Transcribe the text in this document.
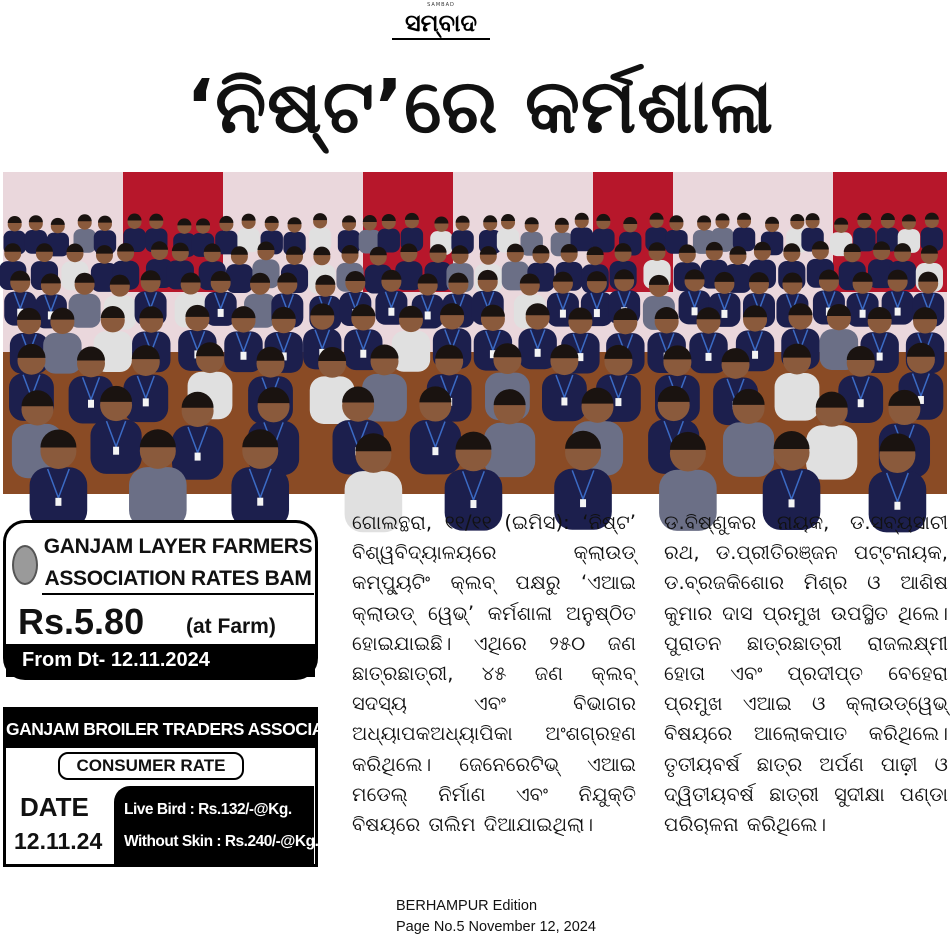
SAMBAD
ସମ୍ବାଦ
‘ନିଷ୍ଟ’ରେ କର୍ମଶାଳା
GANJAM LAYER FARMERS
ASSOCIATION RATES BAM
Rs.5.80 (at Farm)
From Dt- 12.11.2024
GANJAM BROILER TRADERS ASSOCIATION
CONSUMER RATE
DATE
12.11.24
Live Bird : Rs.132/-@Kg.
Without Skin : Rs.240/-@Kg.
ଗୋଲନ୍ଥରା, ୧୧/୧୧ (ଇମିସ): ‘ନିଷ୍ଟ’ ବିଶ୍ୱବିଦ୍ୟାଳୟରେ କ୍ଲାଉଡ୍ କମ୍ପ୍ୟୁଟିଂ କ୍ଲବ୍ ପକ୍ଷରୁ ‘ଏଆଇ କ୍ଲାଉଡ୍ ୱେଭ୍’ କର୍ମଶାଳା ଅନୁଷ୍ଠିତ ହୋଇଯାଇଛି। ଏଥିରେ ୨୫୦ ଜଣ ଛାତ୍ରଛାତ୍ରୀ, ୪୫ ଜଣ କ୍ଲବ୍ ସଦସ୍ୟ ଏବଂ ବିଭାଗର ଅଧ୍ୟାପକଅଧ୍ୟାପିକା ଅଂଶଗ୍ରହଣ କରିଥିଲେ। ଜେନେରେଟିଭ୍ ଏଆଇ ମଡେଲ୍ ନିର୍ମାଣ ଏବଂ ନିଯୁକ୍ତି ବିଷୟରେ ତାଲିମ ଦିଆଯାଇଥିଲା।
ଡ.ବିଷ୍ଣୁକର ନାୟକ, ଡ.ସବ୍ୟସାଚୀ ରଥ, ଡ.ପ୍ରୀତିରଞ୍ଜନ ପଟ୍ଟନାୟକ, ଡ.ବ୍ରଜକିଶୋର ମିଶ୍ର ଓ ଆଶିଷ କୁମାର ଦାସ ପ୍ରମୁଖ ଉପସ୍ଥିତ ଥିଲେ। ପୁରାତନ ଛାତ୍ରଛାତ୍ରୀ ରାଜଲକ୍ଷ୍ମୀ ହୋତା ଏବଂ ପ୍ରଦୀପ୍ତ ବେହେରା ପ୍ରମୁଖ ଏଆଇ ଓ କ୍ଲାଉଡ୍‌ୱେଭ୍ ବିଷୟରେ ଆଲୋକପାତ କରିଥିଲେ। ତୃତୀୟବର୍ଷ ଛାତ୍ର ଅର୍ପଣ ପାଢ଼ୀ ଓ ଦ୍ୱିତୀୟବର୍ଷ ଛାତ୍ରୀ ସୁଦୀକ୍ଷା ପଣ୍ଡା ପରିଚାଳନା କରିଥିଲେ।
BERHAMPUR Edition
Page No.5 November 12, 2024
